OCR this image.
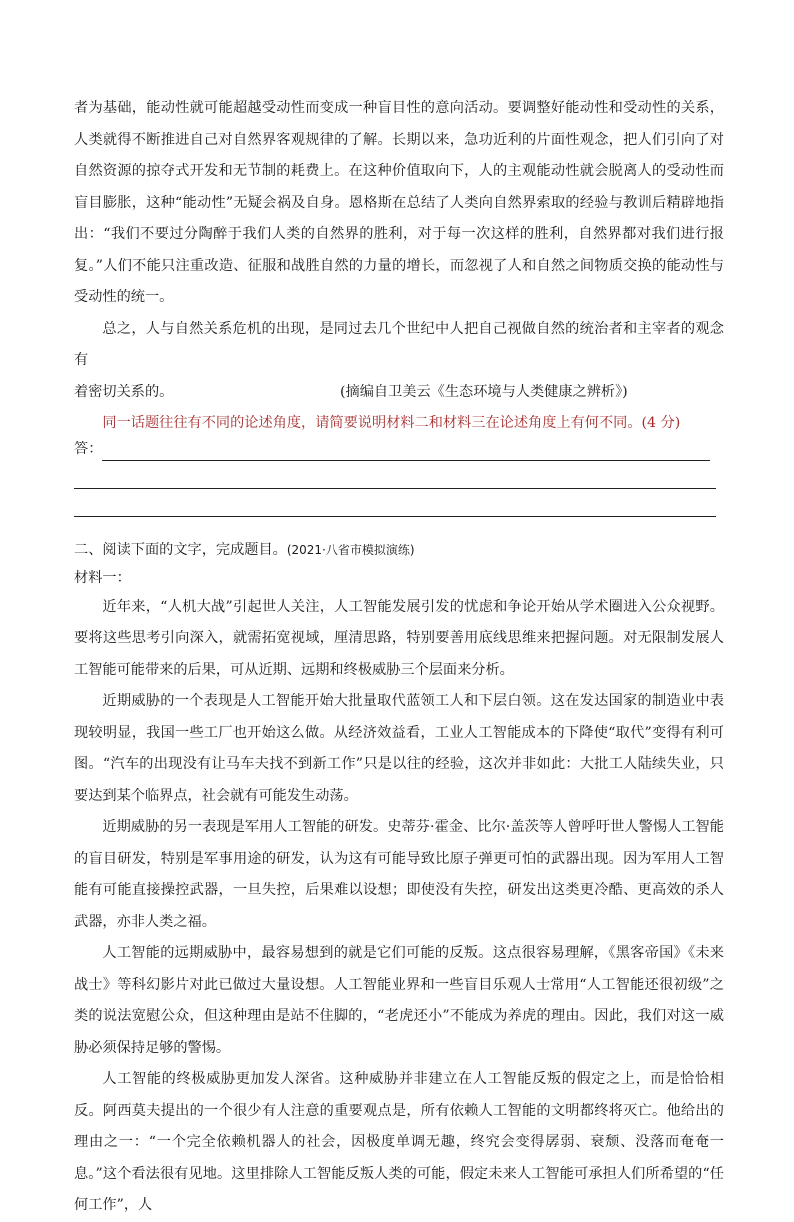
者为基础，能动性就可能超越受动性而变成一种盲目性的意向活动。要调整好能动性和受动性的关系，人类就得不断推进自己对自然界客观规律的了解。长期以来，急功近利的片面性观念，把人们引向了对自然资源的掠夺式开发和无节制的耗费上。在这种价值取向下，人的主观能动性就会脱离人的受动性而盲目膨胀，这种“能动性”无疑会祸及自身。恩格斯在总结了人类向自然界索取的经验与教训后精辟地指出：“我们不要过分陶醉于我们人类的自然界的胜利，对于每一次这样的胜利，自然界都对我们进行报复。”人们不能只注重改造、征服和战胜自然的力量的增长，而忽视了人和自然之间物质交换的能动性与受动性的统一。

总之，人与自然关系危机的出现，是同过去几个世纪中人把自己视做自然的统治者和主宰者的观念有

着密切关系的。	(摘编自卫美云《生态环境与人类健康之辨析》)

同一话题往往有不同的论述角度，请简要说明材料二和材料三在论述角度上有何不同。(4 分)

答：

二、阅读下面的文字，完成题目。(2021·八省市模拟演练)

材料一：

近年来，“人机大战”引起世人关注，人工智能发展引发的忧虑和争论开始从学术圈进入公众视野。要将这些思考引向深入，就需拓宽视域，厘清思路，特别要善用底线思维来把握问题。对无限制发展人工智能可能带来的后果，可从近期、远期和终极威胁三个层面来分析。

近期威胁的一个表现是人工智能开始大批量取代蓝领工人和下层白领。这在发达国家的制造业中表现较明显，我国一些工厂也开始这么做。从经济效益看，工业人工智能成本的下降使“取代”变得有利可图。“汽车的出现没有让马车夫找不到新工作”只是以往的经验，这次并非如此：大批工人陆续失业，只要达到某个临界点，社会就有可能发生动荡。

近期威胁的另一表现是军用人工智能的研发。史蒂芬·霍金、比尔·盖茨等人曾呼吁世人警惕人工智能的盲目研发，特别是军事用途的研发，认为这有可能导致比原子弹更可怕的武器出现。因为军用人工智能有可能直接操控武器，一旦失控，后果难以设想；即使没有失控，研发出这类更冷酷、更高效的杀人武器，亦非人类之福。

人工智能的远期威胁中，最容易想到的就是它们可能的反叛。这点很容易理解，《黑客帝国》《未来战士》等科幻影片对此已做过大量设想。人工智能业界和一些盲目乐观人士常用“人工智能还很初级”之类的说法宽慰公众，但这种理由是站不住脚的，“老虎还小”不能成为养虎的理由。因此，我们对这一威胁必须保持足够的警惕。

人工智能的终极威胁更加发人深省。这种威胁并非建立在人工智能反叛的假定之上，而是恰恰相反。阿西莫夫提出的一个很少有人注意的重要观点是，所有依赖人工智能的文明都终将灭亡。他给出的理由之一：“一个完全依赖机器人的社会，因极度单调无趣，终究会变得孱弱、衰颓、没落而奄奄一息。”这个看法很有见地。这里排除人工智能反叛人类的可能，假定未来人工智能可承担人们所希望的“任何工作”，人
